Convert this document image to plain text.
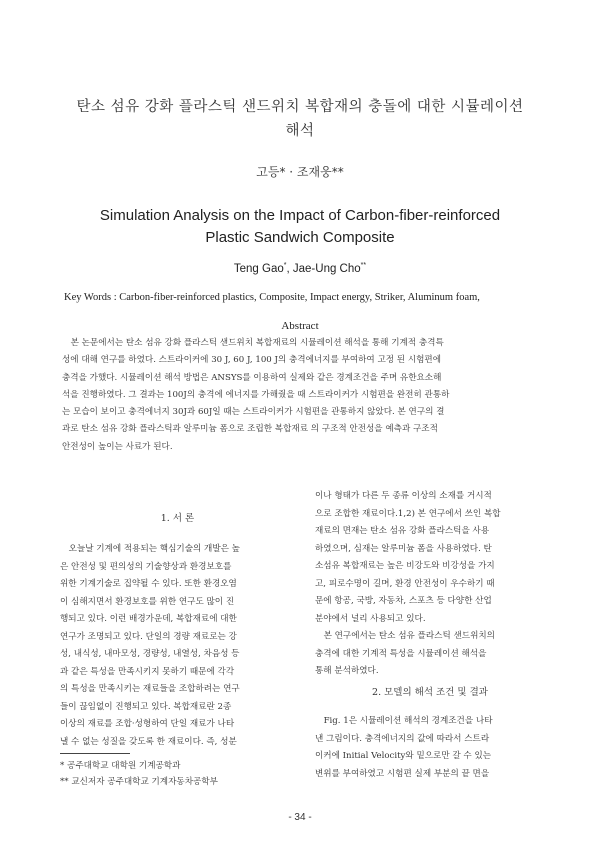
탄소 섬유 강화 플라스틱 샌드위치 복합재의 충돌에 대한 시뮬레이션
해석
고등* · 조재웅**
Simulation Analysis on the Impact of Carbon-fiber-reinforced
Plastic Sandwich Composite
Teng Gao*, Jae-Ung Cho**
Key Words : Carbon-fiber-reinforced plastics, Composite, Impact energy, Striker, Aluminum foam,
Abstract
　본 논문에서는 탄소 섬유 강화 플라스틱 샌드위치 복합재료의 시뮬레이션 해석을 통해 기계적 충격특
성에 대해 연구를 하였다. 스트라이커에 30 J, 60 J, 100 J의 충격에너지를 부여하여 고정 된 시험편에
충격을 가했다. 시뮬레이션 해석 방법은 ANSYS를 이용하여 실제와 같은 경계조건을 주며 유한요소해
석을 진행하였다. 그 결과는 100J의 충격에 에너지를 가해줬을 때 스트라이커가 시험편을 완전히 관통하
는 모습이 보이고 충격에너지 30J과 60J일 때는 스트라이커가 시험편을 관통하지 않았다. 본 연구의 결
과로 탄소 섬유 강화 플라스틱과 알루미늄 폼으로 조립한 복합재료 의 구조적 안전성을 예측과 구조적
안전성이 높이는 사료가 된다.
1. 서 론
　오늘날 기계에 적용되는 핵심기술의 개발은 높
은 안전성 및 편의성의 기술향상과 환경보호를
위한 기계기술로 집약될 수 있다. 또한 환경오염
이 심해지면서 환경보호를 위한 연구도 많이 진
행되고 있다. 이런 배경가운데, 복합재료에 대한
연구가 조명되고 있다. 단일의 경량 재료로는 강
성, 내식성, 내마모성, 경량성, 내열성, 차음성 등
과 같은 특성을 만족시키지 못하기 때문에 각각
의 특성을 만족시키는 재료들을 조합하려는 연구
들이 끊임없이 진행되고 있다. 복합재료란 2종
이상의 재료를 조합·성형하여 단일 재료가 나타
낼 수 없는 성질을 갖도록 한 재료이다. 즉, 성분
이나 형태가 다른 두 종류 이상의 소재를 거시적
으로 조합한 재료이다.1,2) 본 연구에서 쓰인 복합
재료의 면재는 탄소 섬유 강화 플라스틱을 사용
하였으며, 심재는 알루미늄 폼을 사용하였다. 탄
소섬유 복합재료는 높은 비강도와 비강성을 가지
고, 피로수명이 길며, 환경 안전성이 우수하기 때
문에 항공, 국방, 자동차, 스포츠 등 다양한 산업
분야에서 널리 사용되고 있다.
　본 연구에서는 탄소 섬유 플라스틱 샌드위치의
충격에 대한 기계적 특성을 시뮬레이션 해석을
통해 분석하였다.
2. 모델의 해석 조건 및 결과
　Fig. 1은 시뮬레이션 해석의 경계조건을 나타
낸 그림이다. 충격에너지의 값에 따라서 스트라
이커에 Initial Velocity와 밑으로만 갈 수 있는
변위를 부여하였고 시험편 실제 부분의 끝 면을
* 공주대학교 대학원 기계공학과
** 교신저자 공주대학교 기계자동차공학부
- 34 -
